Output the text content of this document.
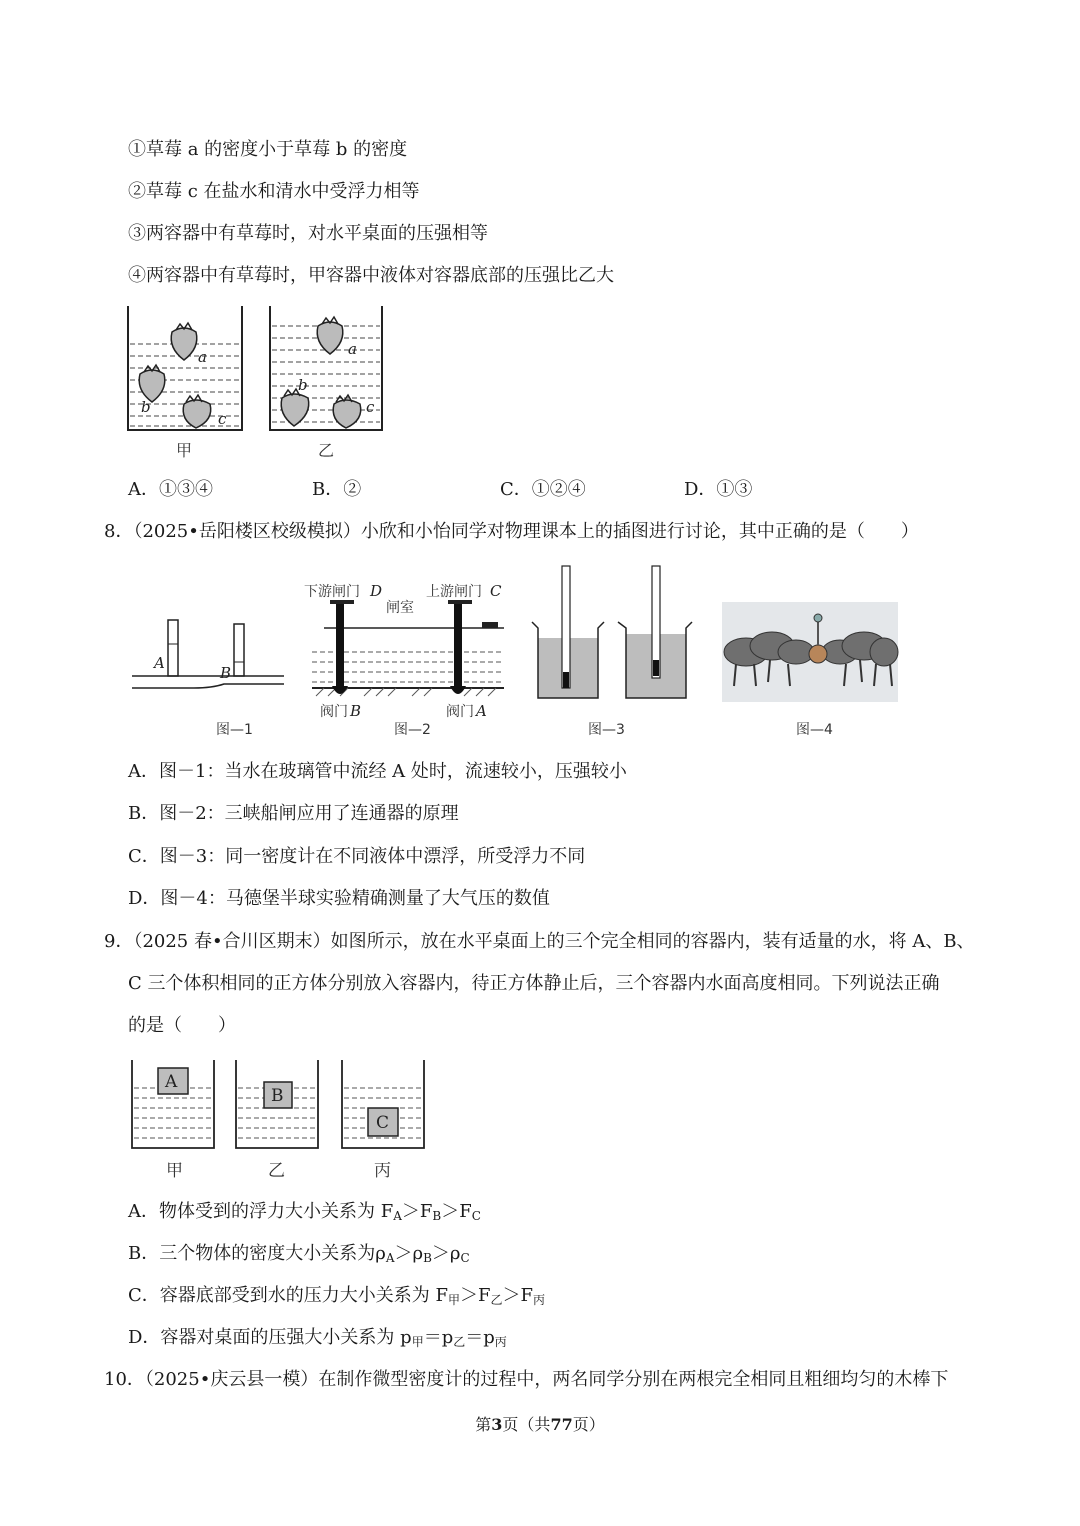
①草莓 a 的密度小于草莓 b 的密度
②草莓 c 在盐水和清水中受浮力相等
③两容器中有草莓时，对水平桌面的压强相等
④两容器中有草莓时，甲容器中液体对容器底部的压强比乙大
a
b
c
甲
a
b
c
乙
A．①③④	B．②	C．①②④	D．①③
8．（2025•岳阳楼区校级模拟）小欣和小怡同学对物理课本上的插图进行讨论，其中正确的是（　　）
A
B
图—1
下游闸门 D
闸室
上游闸门 C
阀门 B	阀门 A
图—2	图—3	图—4
A．图－1：当水在玻璃管中流经 A 处时，流速较小，压强较小
B．图－2：三峡船闸应用了连通器的原理
C．图－3：同一密度计在不同液体中漂浮，所受浮力不同
D．图－4：马德堡半球实验精确测量了大气压的数值
9．（2025 春•合川区期末）如图所示，放在水平桌面上的三个完全相同的容器内，装有适量的水，将 A、B、
C 三个体积相同的正方体分别放入容器内，待正方体静止后，三个容器内水面高度相同。下列说法正确
的是（　　）
A
甲
B
乙
C
丙
A．物体受到的浮力大小关系为 $F_A>F_B>F_C$
B．三个物体的密度大小关系为$\rho_A>\rho_B>\rho_C$
C．容器底部受到水的压力大小关系为 $F_甲>F_乙>F_丙$
D．容器对桌面的压强大小关系为 $p_甲=p_乙=p_丙$
10．（2025•庆云县一模）在制作微型密度计的过程中，两名同学分别在两根完全相同且粗细均匀的木棒下
第3页（共77页）
